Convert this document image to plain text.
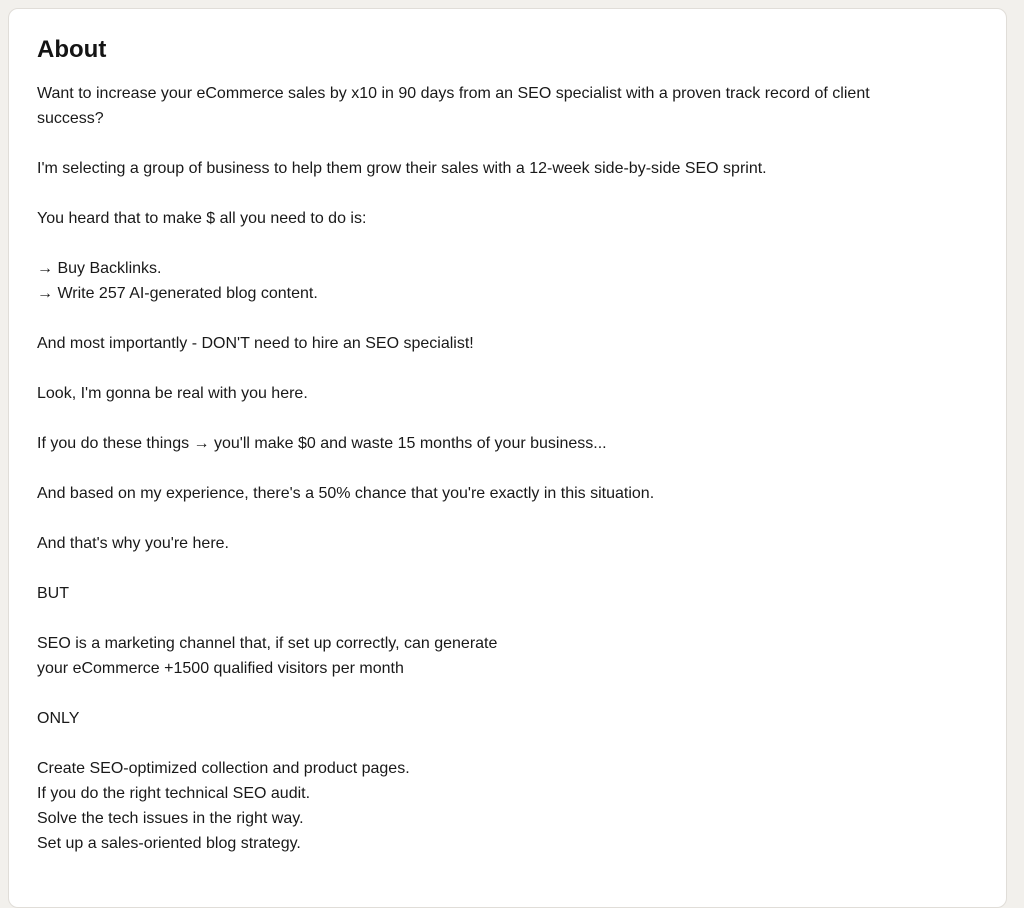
About

Want to increase your eCommerce sales by x10 in 90 days from an SEO specialist with a proven track record of client
success?

I'm selecting a group of business to help them grow their sales with a 12-week side-by-side SEO sprint.

You heard that to make $ all you need to do is:

→ Buy Backlinks.
→ Write 257 AI-generated blog content.

And most importantly - DON'T need to hire an SEO specialist!

Look, I'm gonna be real with you here.

If you do these things → you'll make $0 and waste 15 months of your business...

And based on my experience, there's a 50% chance that you're exactly in this situation.

And that's why you're here.

BUT

SEO is a marketing channel that, if set up correctly, can generate
your eCommerce +1500 qualified visitors per month

ONLY

Create SEO-optimized collection and product pages.
If you do the right technical SEO audit.
Solve the tech issues in the right way.
Set up a sales-oriented blog strategy.
